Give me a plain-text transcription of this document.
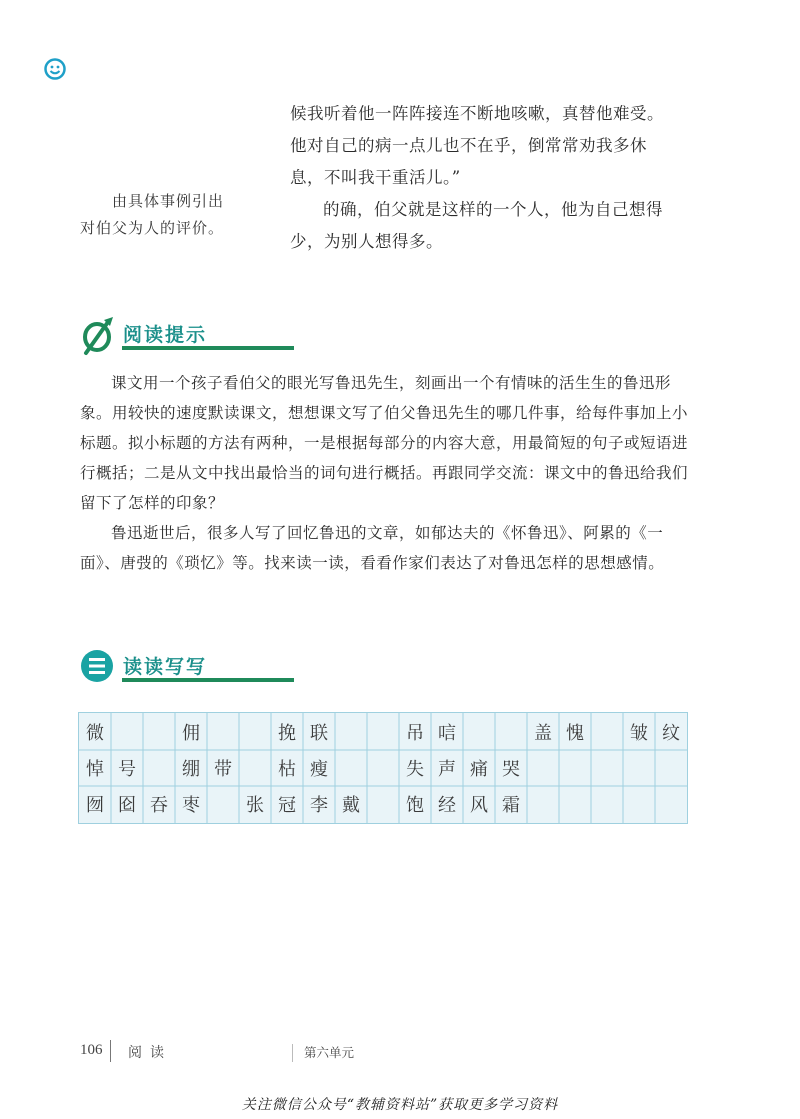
由具体事例引出
对伯父为人的评价。

候我听着他一阵阵接连不断地咳嗽，真替他难受。

他对自己的病一点儿也不在乎，倒常常劝我多休

息，不叫我干重活儿。”

的确，伯父就是这样的一个人，他为自己想得少，为别人想得多。

阅读提示

课文用一个孩子看伯父的眼光写鲁迅先生，刻画出一个有情味的活生生的鲁迅形象。用较快的速度默读课文，想想课文写了伯父鲁迅先生的哪几件事，给每件事加上小标题。拟小标题的方法有两种，一是根据每部分的内容大意，用最简短的句子或短语进行概括；二是从文中找出最恰当的词句进行概括。再跟同学交流：课文中的鲁迅给我们留下了怎样的印象？

鲁迅逝世后，很多人写了回忆鲁迅的文章，如郁达夫的《怀鲁迅》、阿累的《一面》、唐弢的《琐忆》等。找来读一读，看看作家们表达了对鲁迅怎样的思想感情。

读读写写
微	佣	挽 联	吊 唁	盖 愧	皱 纹
悼 号	绷 带	枯 瘦	失 声 痛 哭
囫 囵 吞 枣	张 冠 李 戴	饱 经 风 霜
106 阅读	第六单元
关注微信公众号“教辅资料站”获取更多学习资料
